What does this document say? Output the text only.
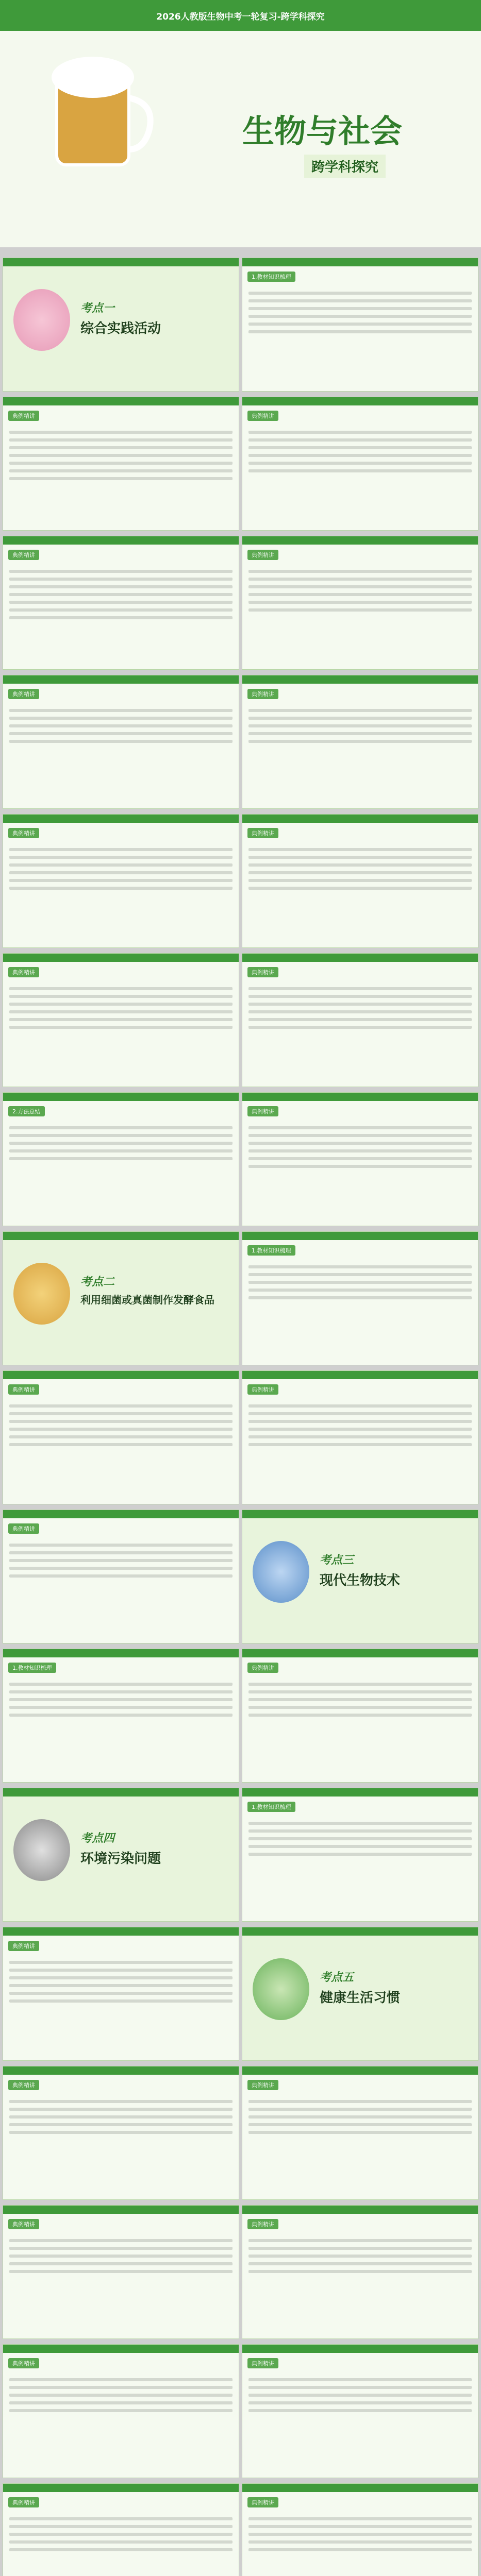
2026人教版生物中考一轮复习-跨学科探究
生物与社会
跨学科探究
考点一
综合实践活动
1.教材知识梳理
典例精讲	典例精讲
典例精讲	典例精讲
典例精讲	典例精讲
典例精讲	典例精讲
典例精讲	典例精讲
2.方法总结	典例精讲
考点二
利用细菌或真菌制作发酵食品
1.教材知识梳理
典例精讲	典例精讲
典例精讲
考点三
现代生物技术
1.教材知识梳理	典例精讲
考点四
环境污染问题
1.教材知识梳理
典例精讲
考点五
健康生活习惯
典例精讲	典例精讲
典例精讲	典例精讲
典例精讲	典例精讲
典例精讲	典例精讲
